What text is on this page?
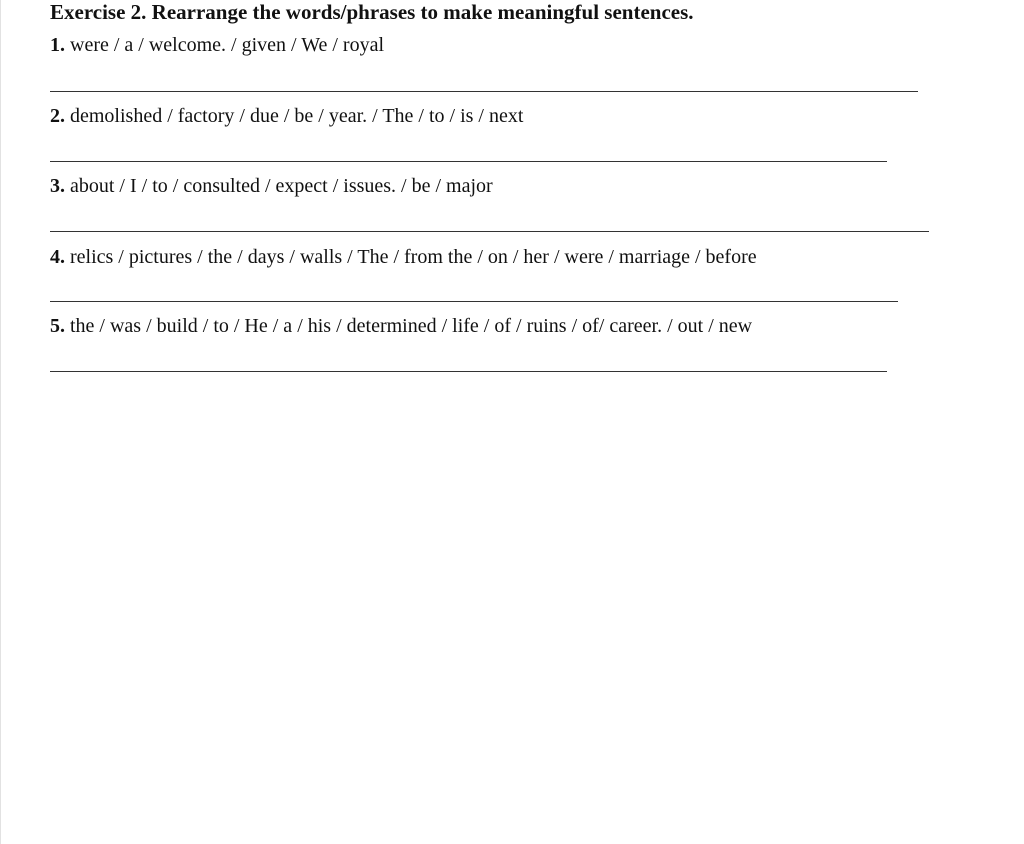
Exercise 2. Rearrange the words/phrases to make meaningful sentences.
1. were / a / welcome. / given / We / royal
2. demolished / factory / due / be / year. / The / to / is / next
3. about / I / to / consulted / expect / issues. / be / major
4. relics / pictures / the / days / walls / The / from the / on / her / were / marriage / before
5. the / was / build / to / He / a / his / determined / life / of / ruins / of/ career. / out / new
